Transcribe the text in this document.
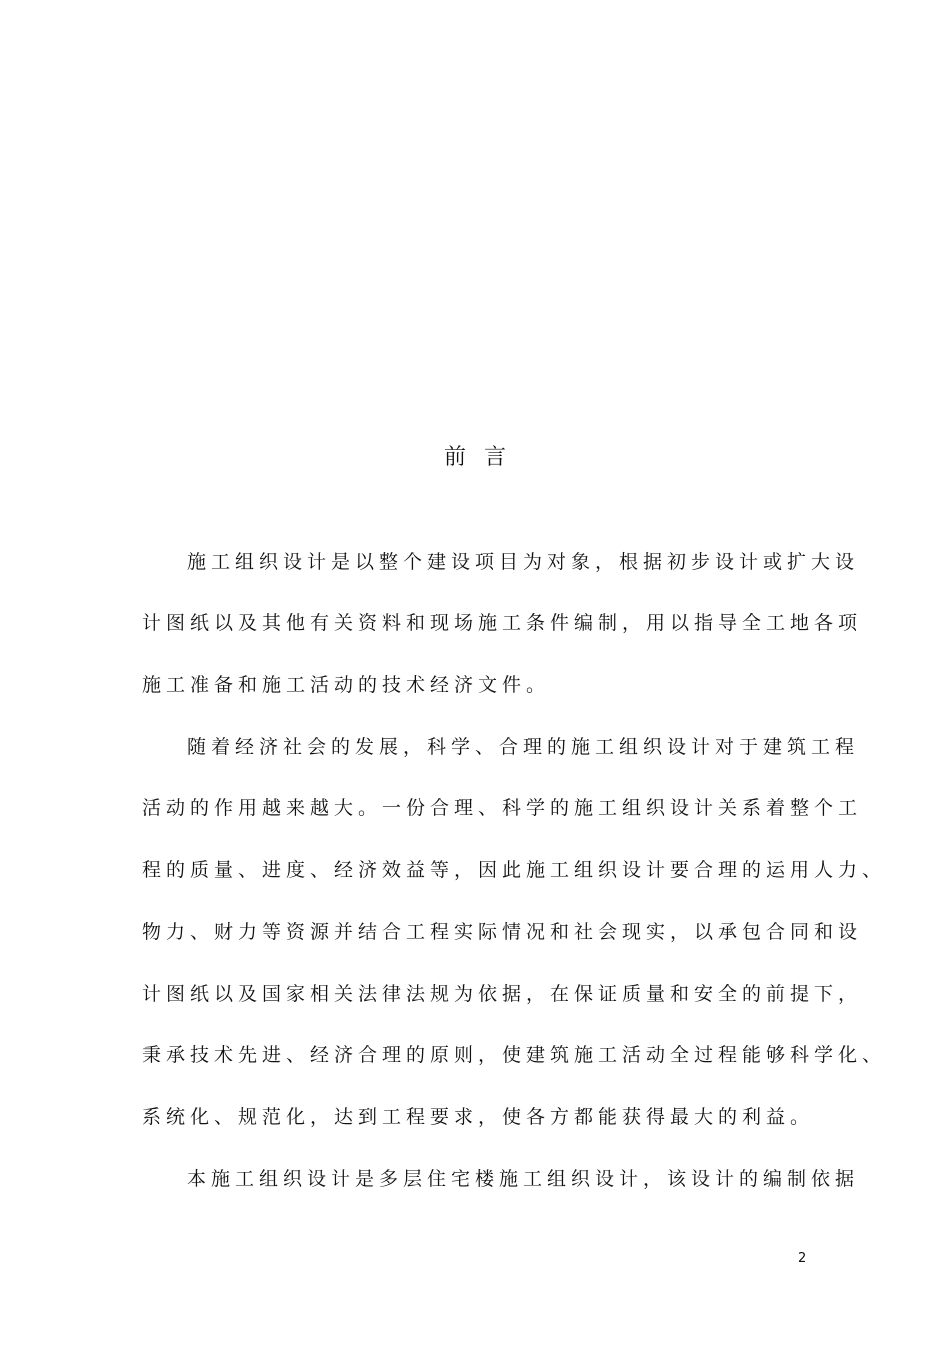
前言
施工组织设计是以整个建设项目为对象，根据初步设计或扩大设
计图纸以及其他有关资料和现场施工条件编制，用以指导全工地各项
施工准备和施工活动的技术经济文件。
随着经济社会的发展，科学、合理的施工组织设计对于建筑工程
活动的作用越来越大。一份合理、科学的施工组织设计关系着整个工
程的质量、进度、经济效益等，因此施工组织设计要合理的运用人力、
物力、财力等资源并结合工程实际情况和社会现实，以承包合同和设
计图纸以及国家相关法律法规为依据，在保证质量和安全的前提下，
秉承技术先进、经济合理的原则，使建筑施工活动全过程能够科学化、
系统化、规范化，达到工程要求，使各方都能获得最大的利益。
本施工组织设计是多层住宅楼施工组织设计，该设计的编制依据
2
